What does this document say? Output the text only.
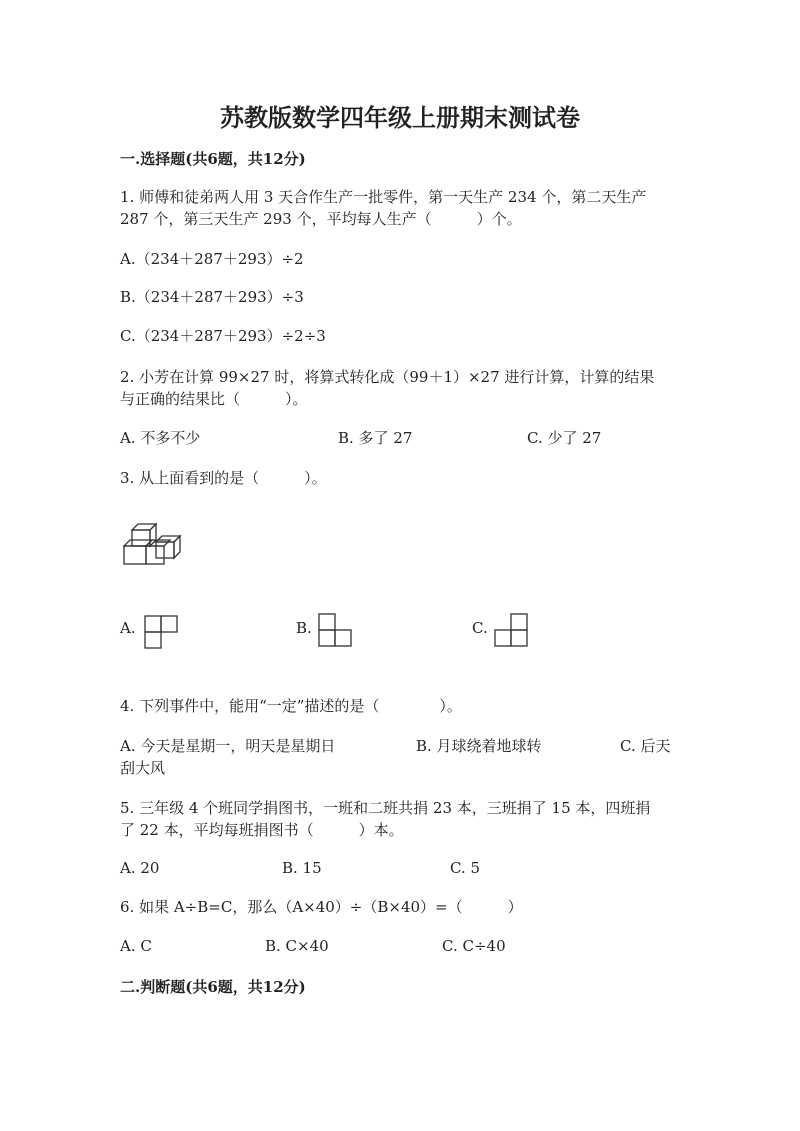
苏教版数学四年级上册期末测试卷
一.选择题(共6题，共12分)
1. 师傅和徒弟两人用 3 天合作生产一批零件，第一天生产 234 个，第二天生产
287 个，第三天生产 293 个，平均每人生产（　　　）个。
A.（234＋287＋293）÷2
B.（234＋287＋293）÷3
C.（234＋287＋293）÷2÷3
2. 小芳在计算 99×27 时，将算式转化成（99＋1）×27 进行计算，计算的结果
与正确的结果比（　　　）。
A. 不多不少	B. 多了 27	C. 少了 27
3. 从上面看到的是（　　　）。
A.	B.	C.
4. 下列事件中，能用“一定”描述的是（　　　　）。
A. 今天是星期一，明天是星期日	B. 月球绕着地球转	C. 后天
刮大风
5. 三年级 4 个班同学捐图书，一班和二班共捐 23 本，三班捐了 15 本，四班捐
了 22 本，平均每班捐图书（　　　）本。
A. 20	B. 15	C. 5
6. 如果 A÷B=C，那么（A×40）÷（B×40）=（　　　）
A. C	B. C×40	C. C÷40
二.判断题(共6题，共12分)
